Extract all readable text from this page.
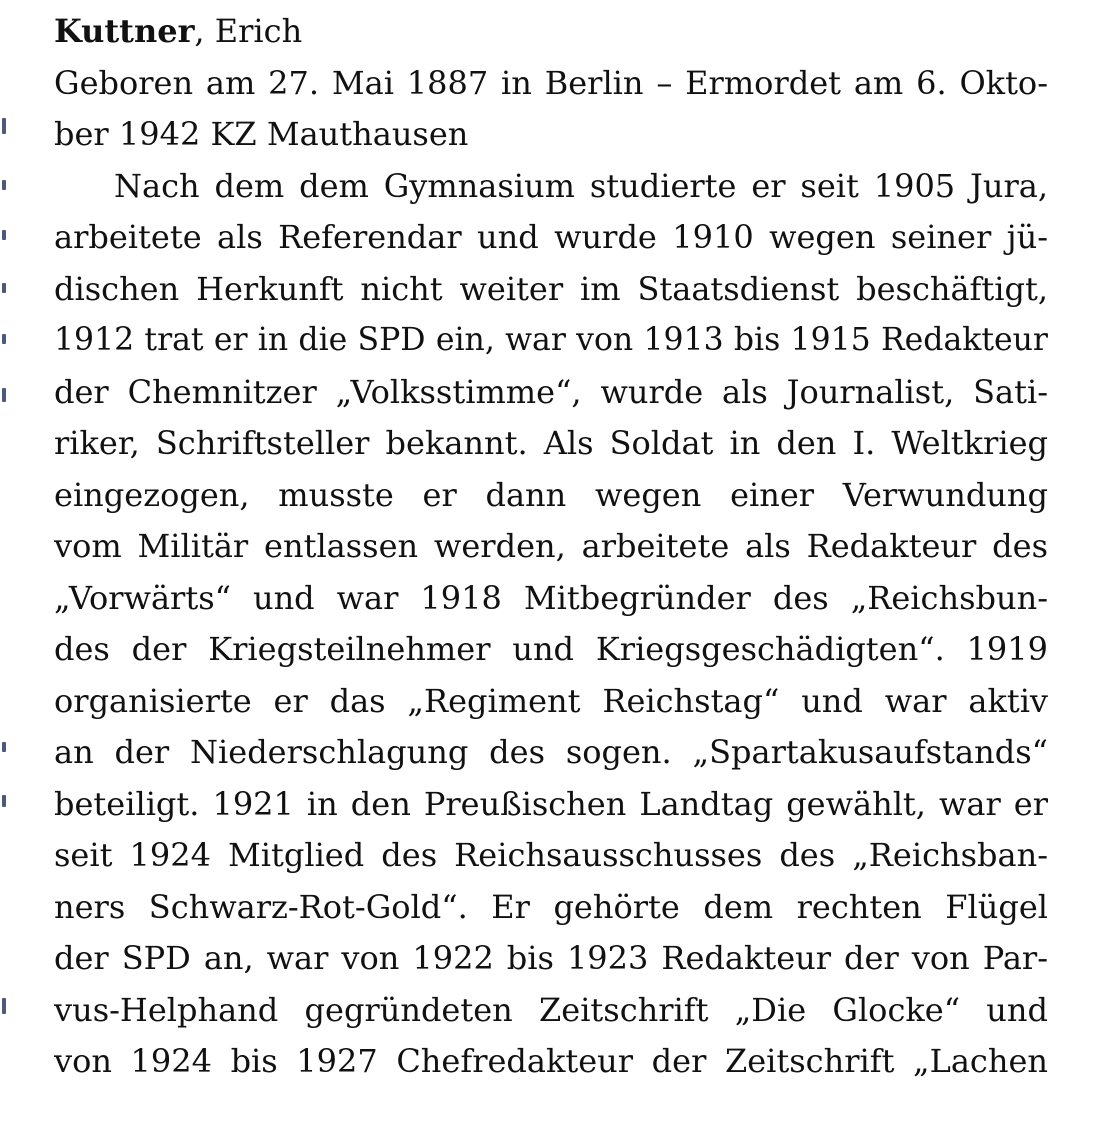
Kuttner, Erich
Geboren am 27. Mai 1887 in Berlin – Ermordet am 6. Okto-
ber 1942 KZ Mauthausen
Nach dem dem Gymnasium studierte er seit 1905 Jura,
arbeitete als Referendar und wurde 1910 wegen seiner jü-
dischen Herkunft nicht weiter im Staatsdienst beschäftigt,
1912 trat er in die SPD ein, war von 1913 bis 1915 Redakteur
der Chemnitzer „Volksstimme“, wurde als Journalist, Sati-
riker, Schriftsteller bekannt. Als Soldat in den I. Weltkrieg
eingezogen, musste er dann wegen einer Verwundung
vom Militär entlassen werden, arbeitete als Redakteur des
„Vorwärts“ und war 1918 Mitbegründer des „Reichsbun-
des der Kriegsteilnehmer und Kriegsgeschädigten“. 1919
organisierte er das „Regiment Reichstag“ und war aktiv
an der Niederschlagung des sogen. „Spartakusaufstands“
beteiligt. 1921 in den Preußischen Landtag gewählt, war er
seit 1924 Mitglied des Reichsausschusses des „Reichsban-
ners Schwarz-Rot-Gold“. Er gehörte dem rechten Flügel
der SPD an, war von 1922 bis 1923 Redakteur der von Par-
vus-Helphand gegründeten Zeitschrift „Die Glocke“ und
von 1924 bis 1927 Chefredakteur der Zeitschrift „Lachen
